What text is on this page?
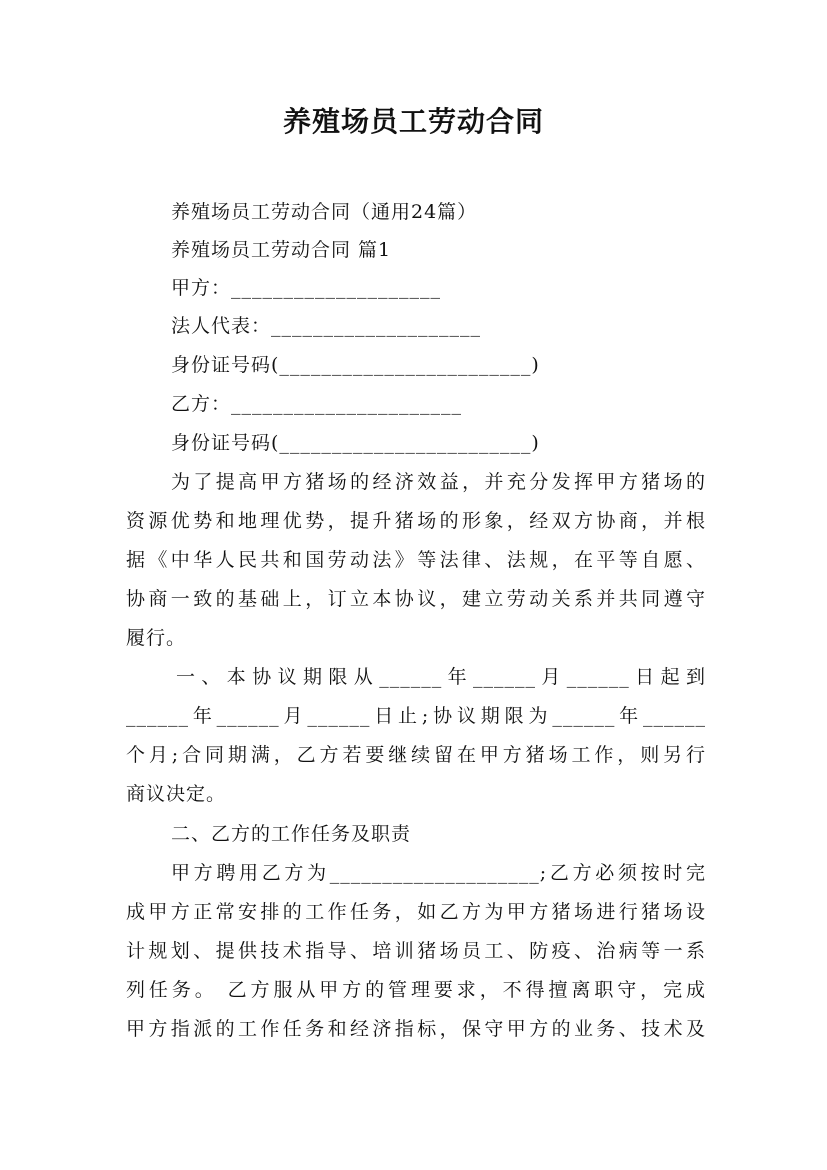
养殖场员工劳动合同
养殖场员工劳动合同（通用24篇）
养殖场员工劳动合同 篇1
甲方：____________________
法人代表：____________________
身份证号码(________________________)
乙方：______________________
身份证号码(________________________)
为了提高甲方猪场的经济效益，并充分发挥甲方猪场的
资源优势和地理优势，提升猪场的形象，经双方协商，并根
据《中华人民共和国劳动法》等法律、法规，在平等自愿、
协商一致的基础上，订立本协议，建立劳动关系并共同遵守
履行。
一、本协议期限从______年______月______日起到
______年______月______日止;协议期限为______年______
个月;合同期满，乙方若要继续留在甲方猪场工作，则另行
商议决定。
二、乙方的工作任务及职责
甲方聘用乙方为____________________;乙方必须按时完
成甲方正常安排的工作任务，如乙方为甲方猪场进行猪场设
计规划、提供技术指导、培训猪场员工、防疫、治病等一系
列任务。 乙方服从甲方的管理要求，不得擅离职守，完成
甲方指派的工作任务和经济指标，保守甲方的业务、技术及
